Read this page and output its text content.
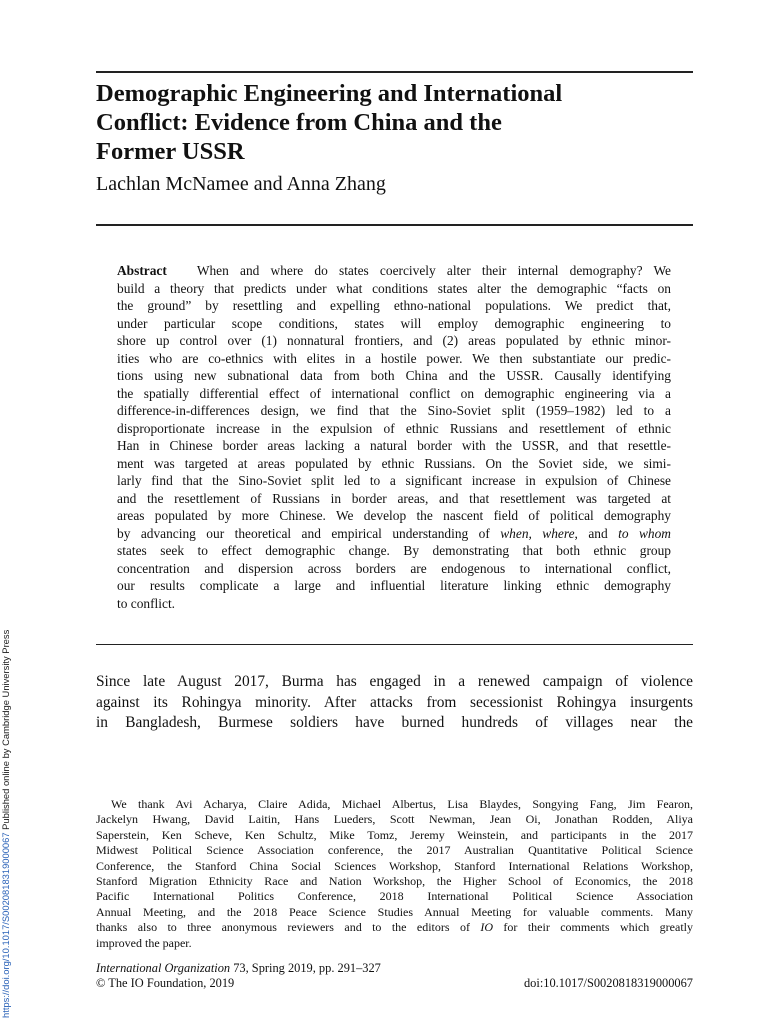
Demographic Engineering and International
Conflict: Evidence from China and the
Former USSR

Lachlan McNamee and Anna Zhang

Abstract When and where do states coercively alter their internal demography? We
build a theory that predicts under what conditions states alter the demographic “facts on
the ground” by resettling and expelling ethno-national populations. We predict that,
under particular scope conditions, states will employ demographic engineering to
shore up control over (1) nonnatural frontiers, and (2) areas populated by ethnic minor-
ities who are co-ethnics with elites in a hostile power. We then substantiate our predic-
tions using new subnational data from both China and the USSR. Causally identifying
the spatially differential effect of international conflict on demographic engineering via a
difference-in-differences design, we find that the Sino-Soviet split (1959–1982) led to a
disproportionate increase in the expulsion of ethnic Russians and resettlement of ethnic
Han in Chinese border areas lacking a natural border with the USSR, and that resettle-
ment was targeted at areas populated by ethnic Russians. On the Soviet side, we simi-
larly find that the Sino-Soviet split led to a significant increase in expulsion of Chinese
and the resettlement of Russians in border areas, and that resettlement was targeted at
areas populated by more Chinese. We develop the nascent field of political demography
by advancing our theoretical and empirical understanding of when, where, and to whom
states seek to effect demographic change. By demonstrating that both ethnic group
concentration and dispersion across borders are endogenous to international conflict,
our results complicate a large and influential literature linking ethnic demography
to conflict.
Since late August 2017, Burma has engaged in a renewed campaign of violence
against its Rohingya minority. After attacks from secessionist Rohingya insurgents
in Bangladesh, Burmese soldiers have burned hundreds of villages near the
We thank Avi Acharya, Claire Adida, Michael Albertus, Lisa Blaydes, Songying Fang, Jim Fearon,
Jackelyn Hwang, David Laitin, Hans Lueders, Scott Newman, Jean Oi, Jonathan Rodden, Aliya
Saperstein, Ken Scheve, Ken Schultz, Mike Tomz, Jeremy Weinstein, and participants in the 2017
Midwest Political Science Association conference, the 2017 Australian Quantitative Political Science
Conference, the Stanford China Social Sciences Workshop, Stanford International Relations Workshop,
Stanford Migration Ethnicity Race and Nation Workshop, the Higher School of Economics, the 2018
Pacific International Politics Conference, 2018 International Political Science Association
Annual Meeting, and the 2018 Peace Science Studies Annual Meeting for valuable comments. Many
thanks also to three anonymous reviewers and to the editors of IO for their comments which greatly
improved the paper.
International Organization 73, Spring 2019, pp. 291–327
© The IO Foundation, 2019	doi:10.1017/S0020818319000067
https://doi.org/10.1017/S0020818319000067 Published online by Cambridge University Press
